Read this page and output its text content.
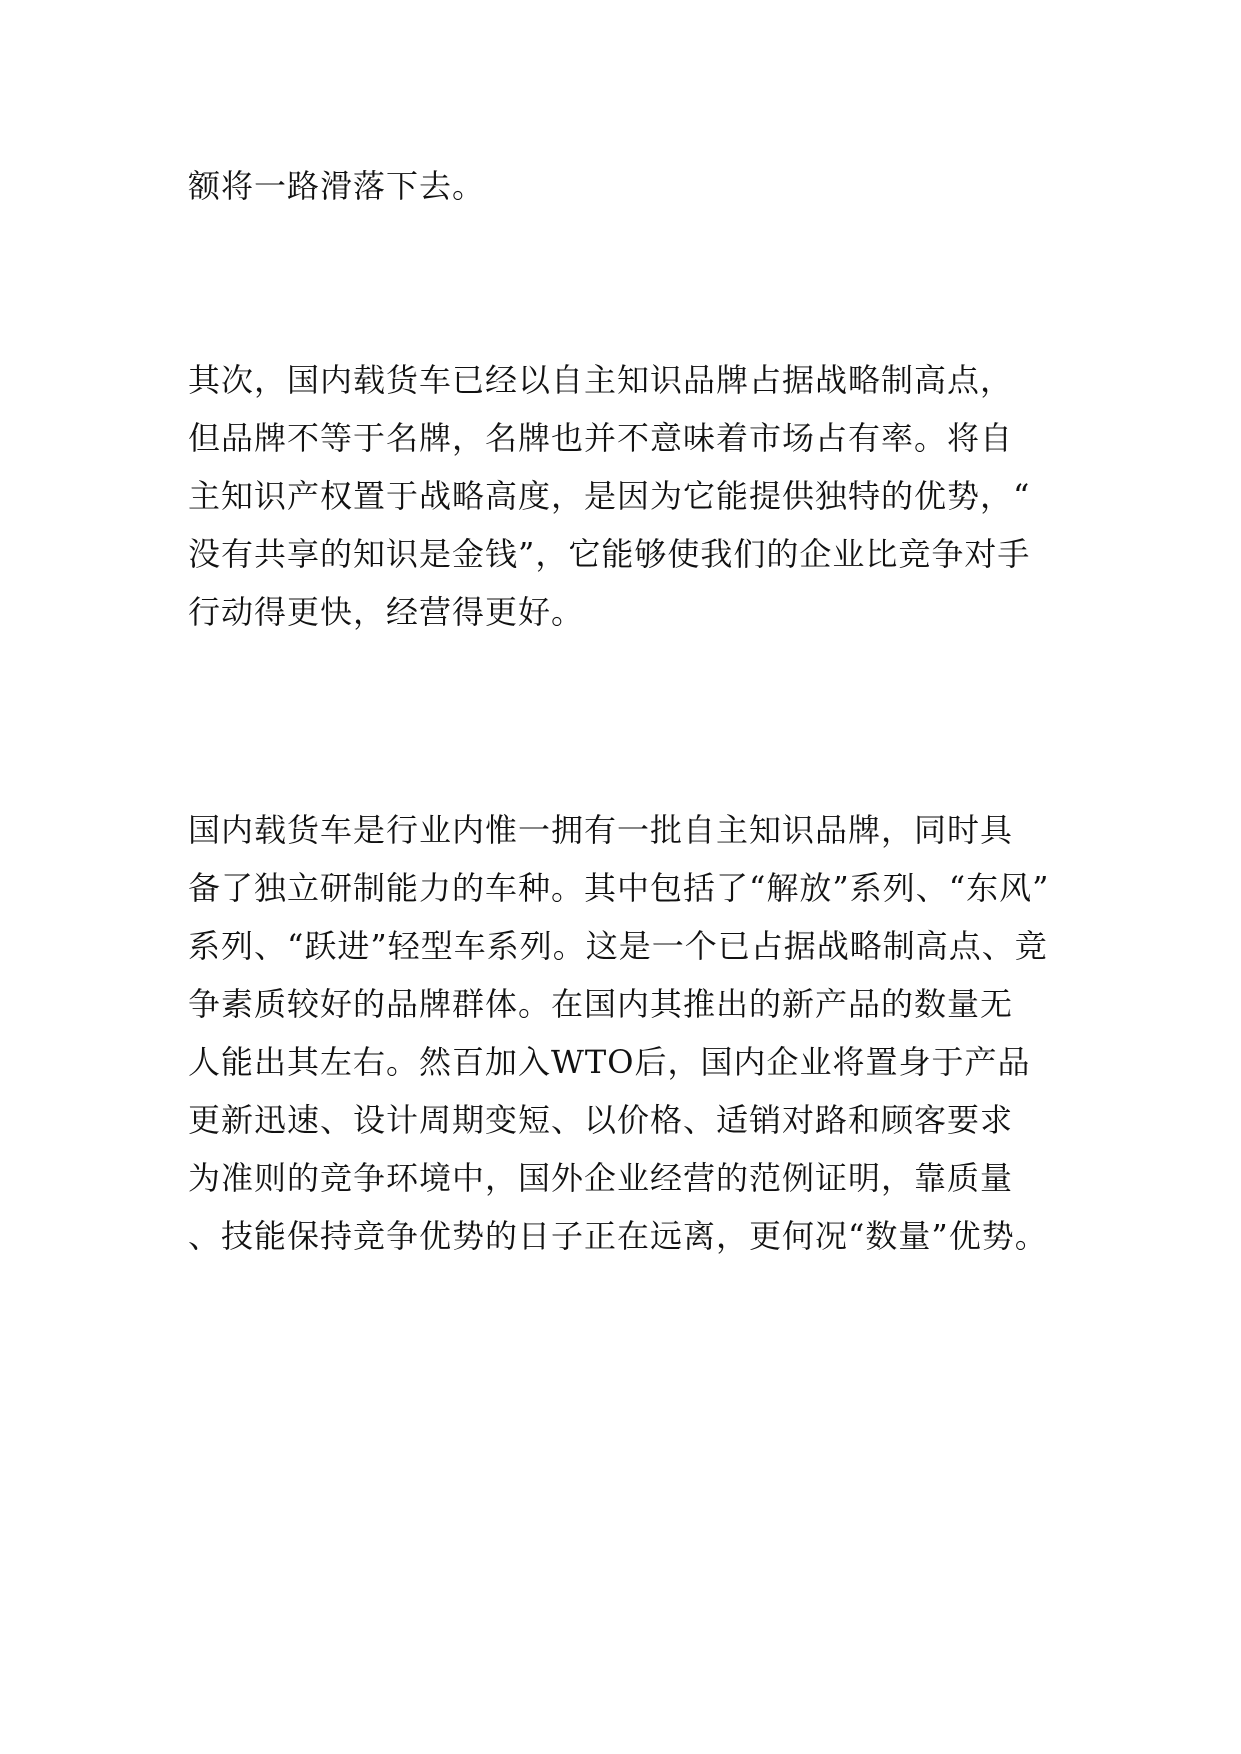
额将一路滑落下去。
其次，国内载货车已经以自主知识品牌占据战略制高点，
但品牌不等于名牌，名牌也并不意味着市场占有率。将自
主知识产权置于战略高度，是因为它能提供独特的优势，“
没有共享的知识是金钱”，它能够使我们的企业比竞争对手
行动得更快，经营得更好。
国内载货车是行业内惟一拥有一批自主知识品牌，同时具
备了独立研制能力的车种。其中包括了“解放”系列、“东风”
系列、“跃进”轻型车系列。这是一个已占据战略制高点、竞
争素质较好的品牌群体。在国内其推出的新产品的数量无
人能出其左右。然百加入WTO后，国内企业将置身于产品
更新迅速、设计周期变短、以价格、适销对路和顾客要求
为准则的竞争环境中，国外企业经营的范例证明，靠质量
、技能保持竞争优势的日子正在远离，更何况“数量”优势。
